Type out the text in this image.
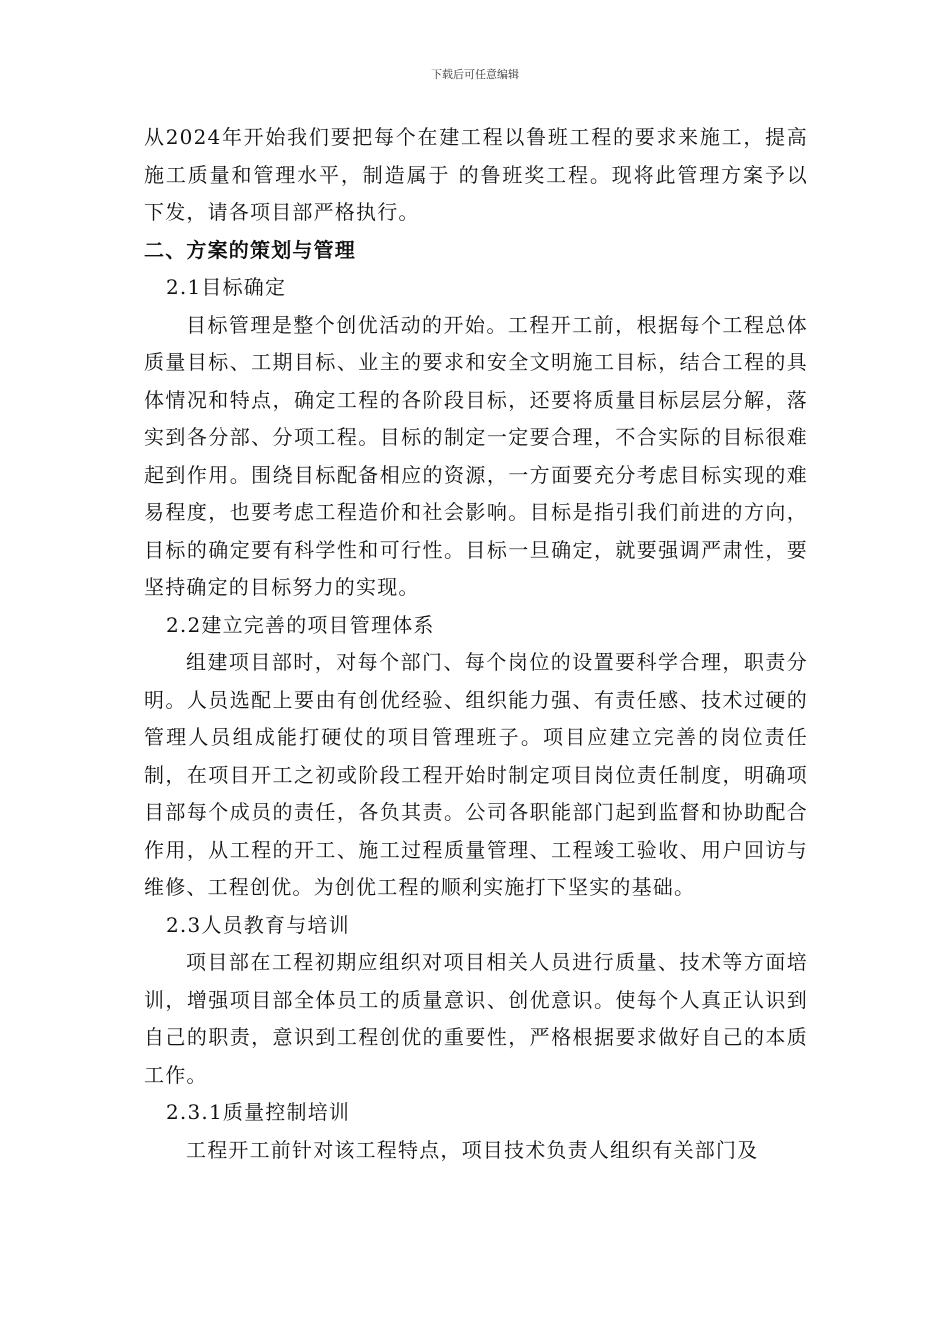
下载后可任意编辑

从2024年开始我们要把每个在建工程以鲁班工程的要求来施工，提高施工质量和管理水平，制造属于 的鲁班奖工程。现将此管理方案予以下发，请各项目部严格执行。

二、方案的策划与管理

2.1目标确定

目标管理是整个创优活动的开始。工程开工前，根据每个工程总体质量目标、工期目标、业主的要求和安全文明施工目标，结合工程的具体情况和特点，确定工程的各阶段目标，还要将质量目标层层分解，落实到各分部、分项工程。目标的制定一定要合理，不合实际的目标很难起到作用。围绕目标配备相应的资源，一方面要充分考虑目标实现的难易程度，也要考虑工程造价和社会影响。目标是指引我们前进的方向，目标的确定要有科学性和可行性。目标一旦确定，就要强调严肃性，要坚持确定的目标努力的实现。

2.2建立完善的项目管理体系

组建项目部时，对每个部门、每个岗位的设置要科学合理，职责分明。人员选配上要由有创优经验、组织能力强、有责任感、技术过硬的管理人员组成能打硬仗的项目管理班子。项目应建立完善的岗位责任制，在项目开工之初或阶段工程开始时制定项目岗位责任制度，明确项目部每个成员的责任，各负其责。公司各职能部门起到监督和协助配合作用，从工程的开工、施工过程质量管理、工程竣工验收、用户回访与维修、工程创优。为创优工程的顺利实施打下坚实的基础。

2.3人员教育与培训

项目部在工程初期应组织对项目相关人员进行质量、技术等方面培训，增强项目部全体员工的质量意识、创优意识。使每个人真正认识到自己的职责，意识到工程创优的重要性，严格根据要求做好自己的本质工作。

2.3.1质量控制培训

工程开工前针对该工程特点，项目技术负责人组织有关部门及
